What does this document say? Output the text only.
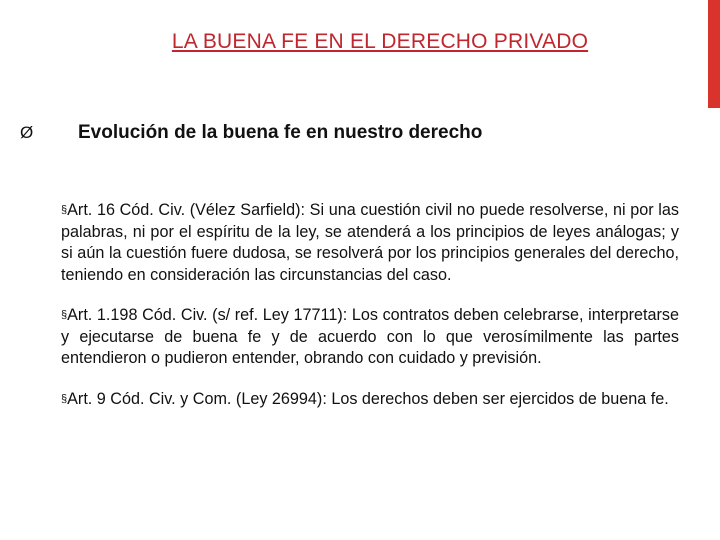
LA BUENA FE EN EL DERECHO PRIVADO
Ø	Evolución de la buena fe en nuestro derecho

§Art. 16 Cód. Civ. (Vélez Sarfield): Si una cuestión civil no puede resolverse, ni por las palabras, ni por el espíritu de la ley, se atenderá a los principios de leyes análogas; y si aún la cuestión fuere dudosa, se resolverá por los principios generales del derecho, teniendo en consideración las circunstancias del caso.

§Art. 1.198 Cód. Civ. (s/ ref. Ley 17711): Los contratos deben celebrarse, interpretarse y ejecutarse de buena fe y de acuerdo con lo que verosímilmente las partes entendieron o pudieron entender, obrando con cuidado y previsión.

§Art. 9 Cód. Civ. y Com. (Ley 26994): Los derechos deben ser ejercidos de buena fe.
